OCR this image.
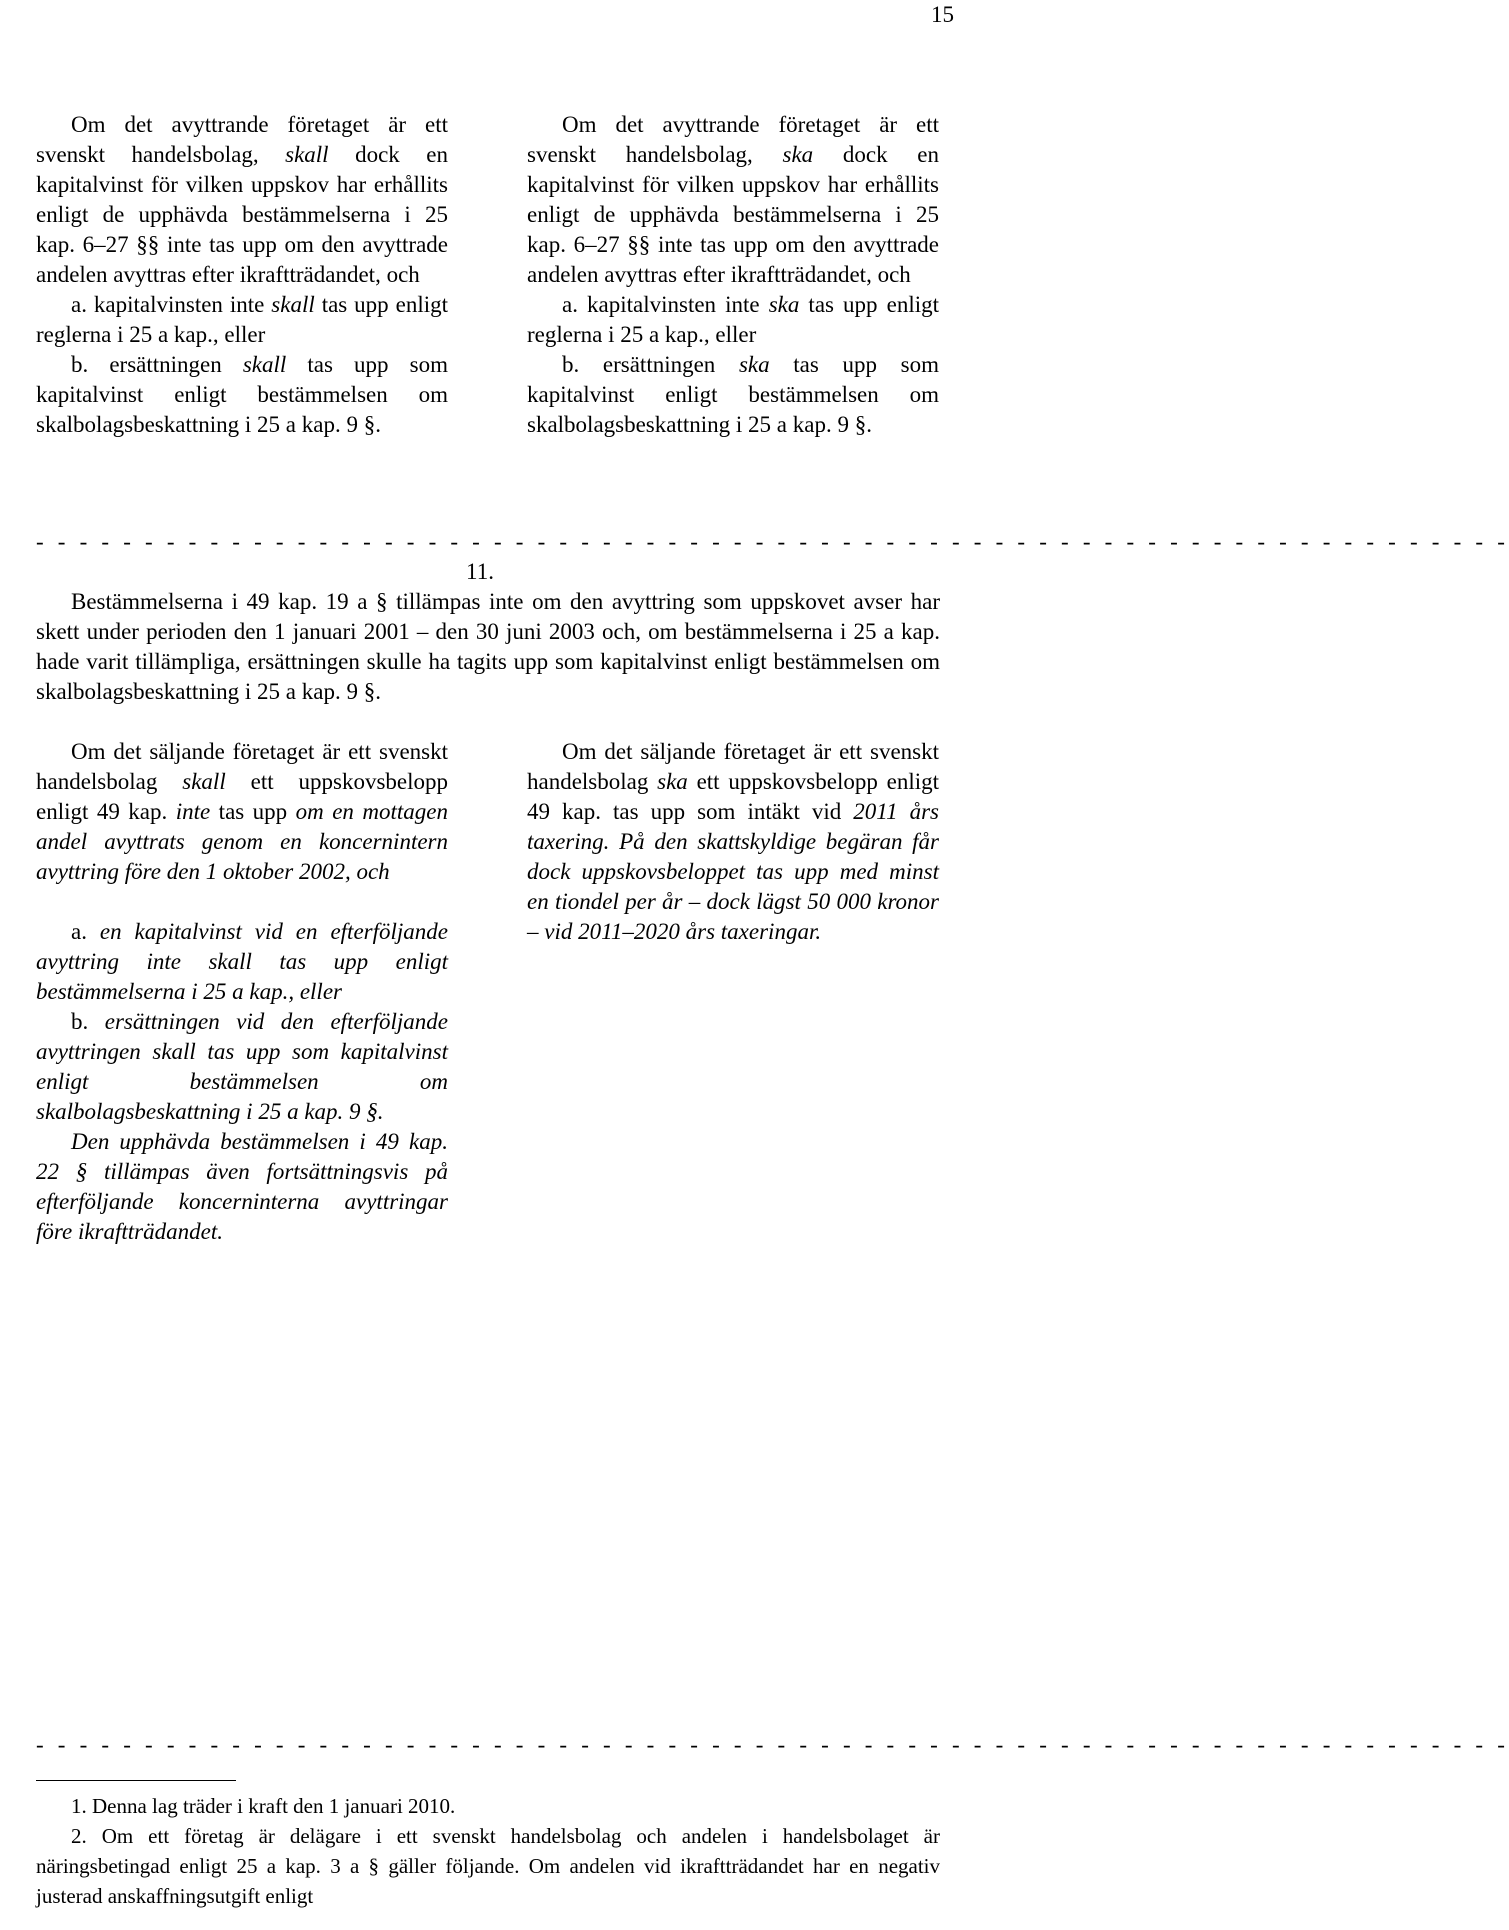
15

Om det avyttrande företaget är ett svenskt handelsbolag, skall dock en kapitalvinst för vilken uppskov har erhållits enligt de upphävda bestämmelserna i 25 kap. 6–27 §§ inte tas upp om den avyttrade andelen avyttras efter ikraftträdandet, och

a. kapitalvinsten inte skall tas upp enligt reglerna i 25 a kap., eller

b. ersättningen skall tas upp som kapitalvinst enligt bestämmelsen om skalbolagsbeskattning i 25 a kap. 9 §.

Om det avyttrande företaget är ett svenskt handelsbolag, ska dock en kapitalvinst för vilken uppskov har erhållits enligt de upphävda bestämmelserna i 25 kap. 6–27 §§ inte tas upp om den avyttrade andelen avyttras efter ikraftträdandet, och

a. kapitalvinsten inte ska tas upp enligt reglerna i 25 a kap., eller

b. ersättningen ska tas upp som kapitalvinst enligt bestämmelsen om skalbolagsbeskattning i 25 a kap. 9 §.

- - - - - - - - - - - - - - - - - - - - - - - - - - - - - - - - - - - - - - - - - - - - - - - - - - - - - - - - - - - - - - - - - - - -
11.

Bestämmelserna i 49 kap. 19 a § tillämpas inte om den avyttring som uppskovet avser har skett under perioden den 1 januari 2001 – den 30 juni 2003 och, om bestämmelserna i 25 a kap. hade varit tillämpliga, ersättningen skulle ha tagits upp som kapitalvinst enligt bestämmelsen om skalbolagsbeskattning i 25 a kap. 9 §.

Om det säljande företaget är ett svenskt handelsbolag skall ett uppskovsbelopp enligt 49 kap. inte tas upp om en mottagen andel avyttrats genom en koncernintern avyttring före den 1 oktober 2002, och

a. en kapitalvinst vid en efterföljande avyttring inte skall tas upp enligt bestämmelserna i 25 a kap., eller

b. ersättningen vid den efterföljande avyttringen skall tas upp som kapitalvinst enligt bestämmelsen om skalbolagsbeskattning i 25 a kap. 9 §.

Den upphävda bestämmelsen i 49 kap. 22 § tillämpas även fortsättningsvis på efterföljande koncerninterna avyttringar före ikraftträdandet.

Om det säljande företaget är ett svenskt handelsbolag ska ett uppskovsbelopp enligt 49 kap. tas upp som intäkt vid 2011 års taxering. På den skattskyldige begäran får dock uppskovsbeloppet tas upp med minst en tiondel per år – dock lägst 50 000 kronor – vid 2011–2020 års taxeringar.

- - - - - - - - - - - - - - - - - - - - - - - - - - - - - - - - - - - - - - - - - - - - - - - - - - - - - - - - - - - - - - - - - - - -

1. Denna lag träder i kraft den 1 januari 2010.

2. Om ett företag är delägare i ett svenskt handelsbolag och andelen i handelsbolaget är näringsbetingad enligt 25 a kap. 3 a § gäller följande. Om andelen vid ikraftträdandet har en negativ justerad anskaffningsutgift enligt
